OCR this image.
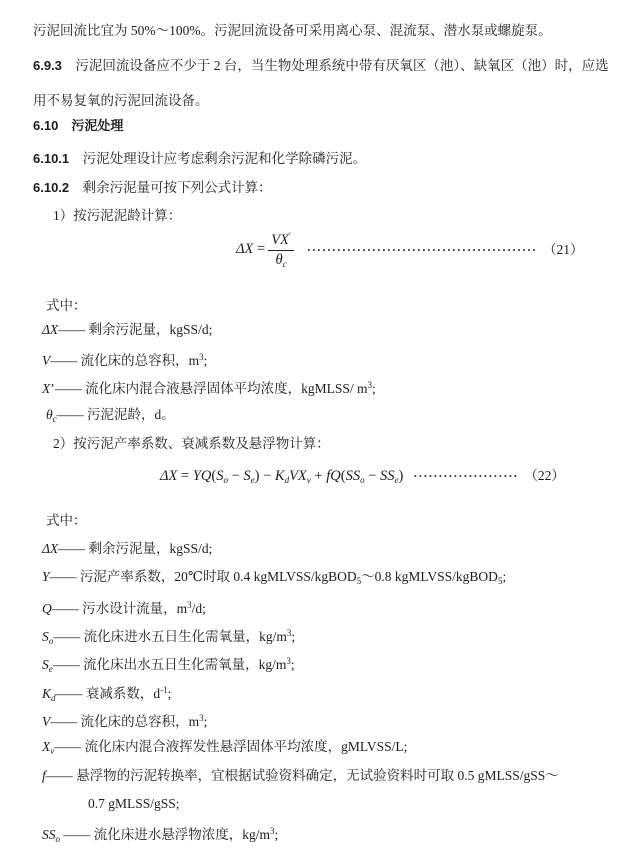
污泥回流比宜为 50%～100%。污泥回流设备可采用离心泵、混流泵、潜水泵或螺旋泵。
6.9.3　污泥回流设备应不少于 2 台，当生物处理系统中带有厌氧区（池）、缺氧区（池）时，应选
用不易复氧的污泥回流设备。
6.10　污泥处理
6.10.1　污泥处理设计应考虑剩余污泥和化学除磷污泥。
6.10.2　剩余污泥量可按下列公式计算：
1）按污泥泥龄计算：
$\Delta X = \frac{VX'}{\theta_c}$ ·············································· （21）
式中：
ΔX—— 剩余污泥量，kgSS/d;
V—— 流化床的总容积，$m^3$;
X’—— 流化床内混合液悬浮固体平均浓度，kgMLSS/ $m^3$;
$\theta_c——$ 污泥泥龄，d。
2）按污泥产率系数、衰减系数及悬浮物计算：
$\Delta X = YQ(S_o - S_e) - K_dVX_v + fQ(SS_o - SS_e)$ ····················· （22）
式中：
ΔX—— 剩余污泥量，kgSS/d;
Y—— 污泥产率系数，20℃时取 0.4 kgMLVSS/kgBOD$_5$～0.8 kgMLVSS/kgBOD$_5$;
Q—— 污水设计流量，$m^3/d$;
$S_o——$ 流化床进水五日生化需氧量，$kg/m^3$;
$S_e——$ 流化床出水五日生化需氧量，$kg/m^3$;
$K_d——$ 衰减系数，$d^{-1}$;
V—— 流化床的总容积，$m^3$;
$X_v——$ 流化床内混合液挥发性悬浮固体平均浓度，gMLVSS/L;
f—— 悬浮物的污泥转换率，宜根据试验资料确定，无试验资料时可取 0.5 gMLSS/gSS～
0.7 gMLSS/gSS;
$SS_o$ —— 流化床进水悬浮物浓度，$kg/m^3$;
